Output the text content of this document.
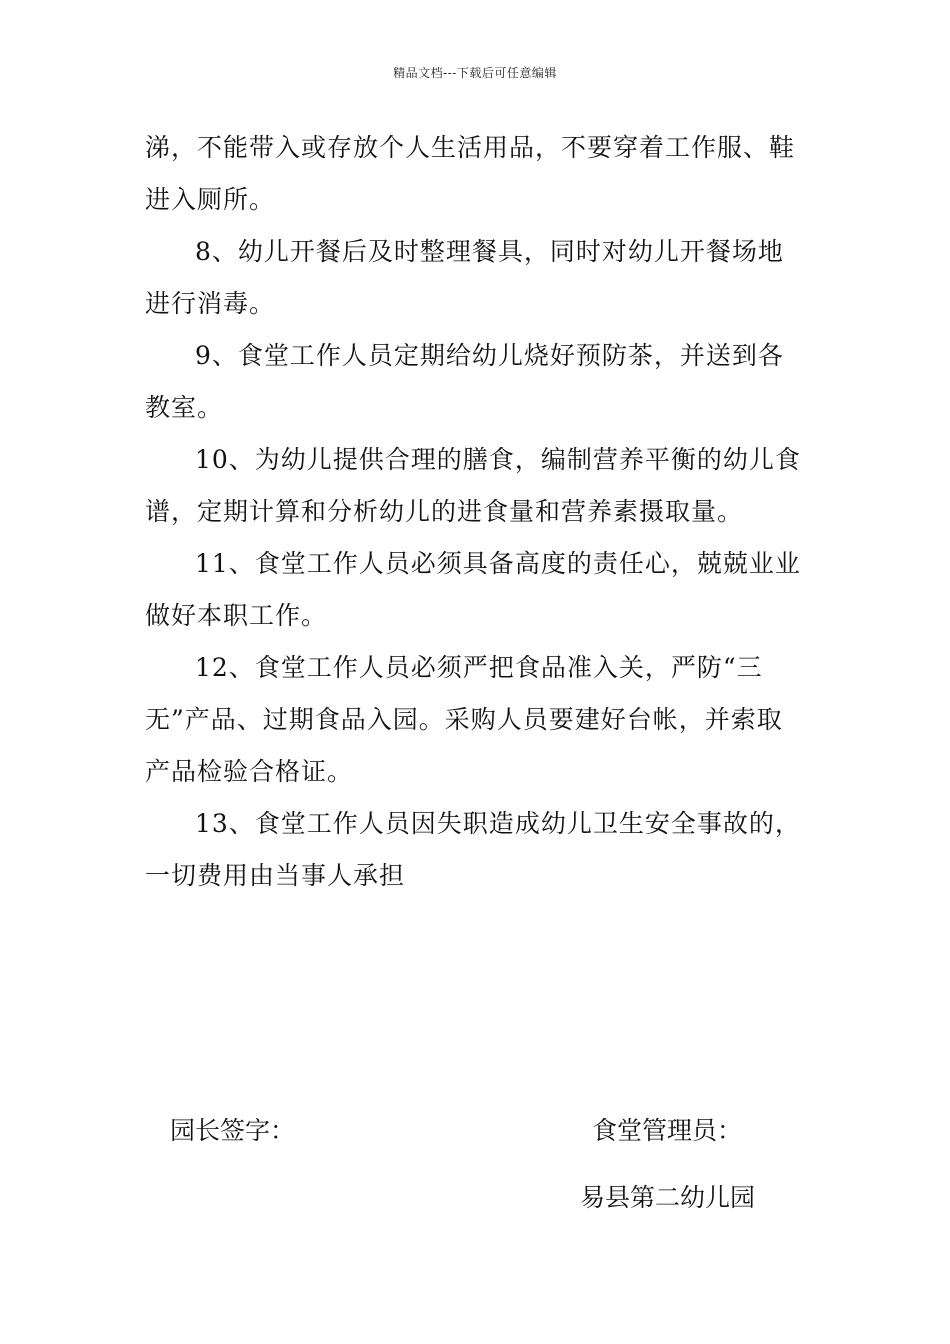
精品文档---下载后可任意编辑

涕，不能带入或存放个人生活用品，不要穿着工作服、鞋进入厕所。

8、幼儿开餐后及时整理餐具，同时对幼儿开餐场地进行消毒。

9、食堂工作人员定期给幼儿烧好预防茶，并送到各教室。

10、为幼儿提供合理的膳食，编制营养平衡的幼儿食谱，定期计算和分析幼儿的进食量和营养素摄取量。

11、食堂工作人员必须具备高度的责任心，兢兢业业做好本职工作。

12、食堂工作人员必须严把食品准入关，严防“三无”产品、过期食品入园。采购人员要建好台帐，并索取产品检验合格证。

13、食堂工作人员因失职造成幼儿卫生安全事故的，一切费用由当事人承担

园长签字：	食堂管理员：
易县第二幼儿园
